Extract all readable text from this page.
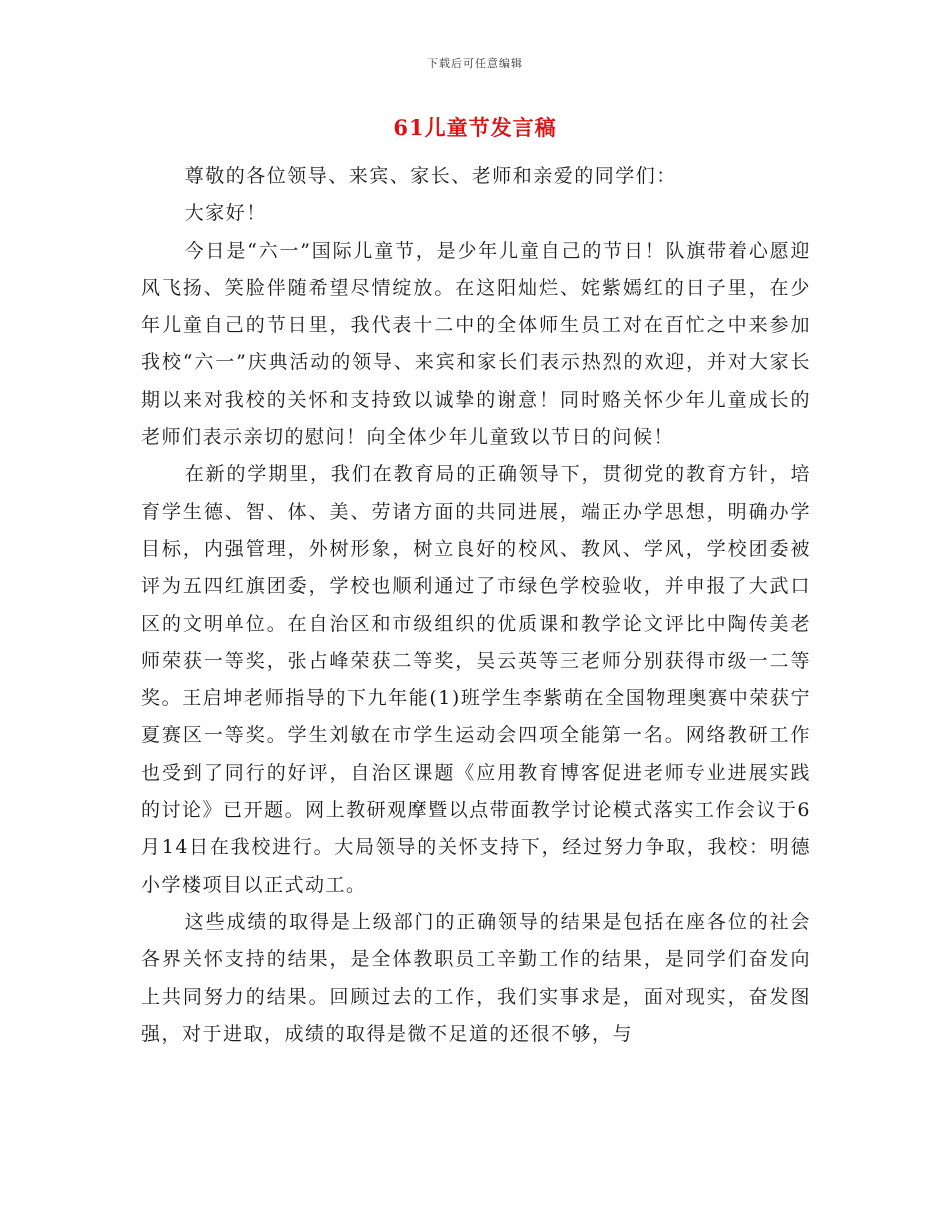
下载后可任意编辑
61儿童节发言稿

尊敬的各位领导、来宾、家长、老师和亲爱的同学们：

大家好！

今日是“六一”国际儿童节，是少年儿童自己的节日！队旗带着心愿迎风飞扬、笑脸伴随希望尽情绽放。在这阳灿烂、姹紫嫣红的日子里，在少年儿童自己的节日里，我代表十二中的全体师生员工对在百忙之中来参加我校“六一”庆典活动的领导、来宾和家长们表示热烈的欢迎，并对大家长期以来对我校的关怀和支持致以诚挚的谢意！同时赂关怀少年儿童成长的老师们表示亲切的慰问！向全体少年儿童致以节日的问候！

在新的学期里，我们在教育局的正确领导下，贯彻党的教育方针，培育学生德、智、体、美、劳诸方面的共同进展，端正办学思想，明确办学目标，内强管理，外树形象，树立良好的校风、教风、学风，学校团委被评为五四红旗团委，学校也顺利通过了市绿色学校验收，并申报了大武口区的文明单位。在自治区和市级组织的优质课和教学论文评比中陶传美老师荣获一等奖，张占峰荣获二等奖，吴云英等三老师分别获得市级一二等奖。王启坤老师指导的下九年能(1)班学生李紫萌在全国物理奥赛中荣获宁夏赛区一等奖。学生刘敏在市学生运动会四项全能第一名。网络教研工作也受到了同行的好评，自治区课题《应用教育博客促进老师专业进展实践的讨论》已开题。网上教研观摩暨以点带面教学讨论模式落实工作会议于6月14日在我校进行。大局领导的关怀支持下，经过努力争取，我校：明德小学楼项目以正式动工。

这些成绩的取得是上级部门的正确领导的结果是包括在座各位的社会各界关怀支持的结果，是全体教职员工辛勤工作的结果，是同学们奋发向上共同努力的结果。回顾过去的工作，我们实事求是，面对现实，奋发图强，对于进取，成绩的取得是微不足道的还很不够，与
